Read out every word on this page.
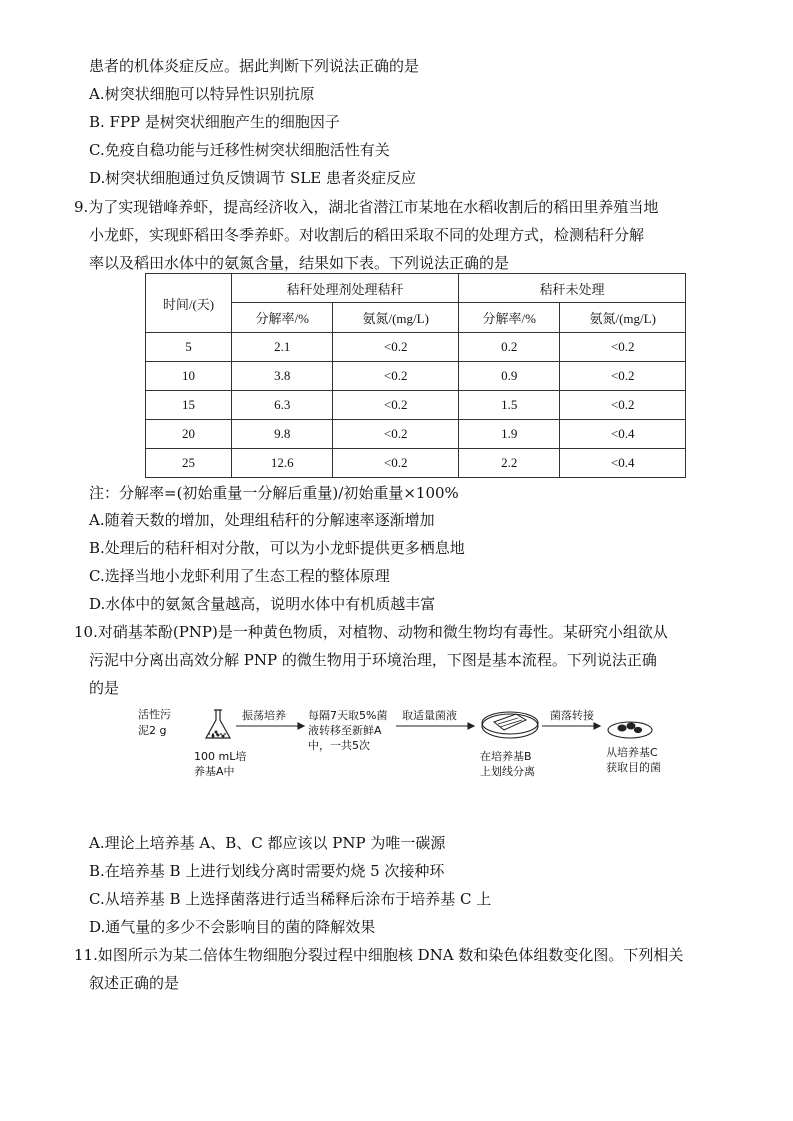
患者的机体炎症反应。据此判断下列说法正确的是
A.树突状细胞可以特异性识别抗原
B. FPP 是树突状细胞产生的细胞因子
C.免疫自稳功能与迁移性树突状细胞活性有关
D.树突状细胞通过负反馈调节 SLE 患者炎症反应
9.为了实现错峰养虾，提高经济收入，湖北省潜江市某地在水稻收割后的稻田里养殖当地
小龙虾，实现虾稻田冬季养虾。对收割后的稻田采取不同的处理方式，检测秸秆分解
率以及稻田水体中的氨氮含量，结果如下表。下列说法正确的是
时间/(天)	秸秆处理剂处理秸秆		秸秆未处理	
	分解率/%	氨氮/(mg/L)	分解率/%	氨氮/(mg/L)
5	2.1	<0.2	0.2	<0.2
10	3.8	<0.2	0.9	<0.2
15	6.3	<0.2	1.5	<0.2
20	9.8	<0.2	1.9	<0.4
25	12.6	<0.2	2.2	<0.4
注：分解率=(初始重量一分解后重量)/初始重量×100%
A.随着天数的增加，处理组秸秆的分解速率逐渐增加
B.处理后的秸秆相对分散，可以为小龙虾提供更多栖息地
C.选择当地小龙虾利用了生态工程的整体原理
D.水体中的氨氮含量越高，说明水体中有机质越丰富
10.对硝基苯酚(PNP)是一种黄色物质，对植物、动物和微生物均有毒性。某研究小组欲从
污泥中分离出高效分解 PNP 的微生物用于环境治理，下图是基本流程。下列说法正确
的是
活性污
泥2 g
100 mL培
养基A中
振荡培养 每隔7天取5%菌
液转移至新鲜A
中，一共5次
取适量菌液
在培养基B
上划线分离
菌落转接
从培养基C
获取目的菌
A.理论上培养基 A、B、C 都应该以 PNP 为唯一碳源
B.在培养基 B 上进行划线分离时需要灼烧 5 次接种环
C.从培养基 B 上选择菌落进行适当稀释后涂布于培养基 C 上
D.通气量的多少不会影响目的菌的降解效果
11.如图所示为某二倍体生物细胞分裂过程中细胞核 DNA 数和染色体组数变化图。下列相关
叙述正确的是
